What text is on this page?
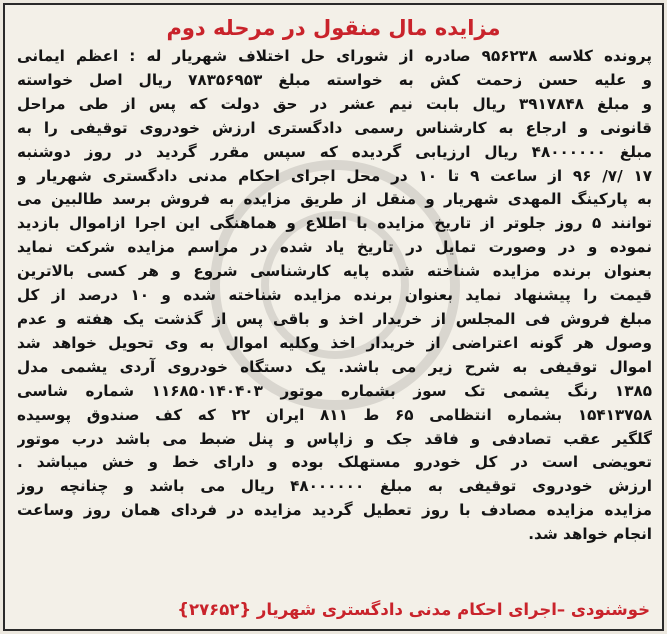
مزایده مال منقول در مرحله دوم
پرونده کلاسه ۹۵۶۲۳۸ صادره از شورای حل اختلاف شهریار له : اعظم ایمانی
و علیه حسن زحمت کش به خواسته مبلغ ۷۸۳۵۶۹۵۳ ریال اصل خواسته
و مبلغ ۳۹۱۷۸۴۸ ریال بابت نیم عشر در حق دولت که پس از طی مراحل
قانونی و ارجاع به کارشناس رسمی دادگستری ارزش خودروی توقیفی را به
مبلغ ۴۸۰۰۰۰۰۰ ریال ارزیابی گردیده که سپس مقرر گردید در روز دوشنبه
۱۷ /۷/ ۹۶ از ساعت ۹ تا ۱۰ در محل اجرای احکام مدنی دادگستری شهریار و
به پارکینگ المهدی شهریار و منقل از طریق مزایده به فروش برسد طالبین می
توانند ۵ روز جلوتر از تاریخ مزایده با اطلاع و هماهنگی این اجرا ازاموال بازدید
نموده و در وصورت تمایل در تاریخ یاد شده در مراسم مزایده شرکت نماید
بعنوان برنده مزایده شناخته شده پایه کارشناسی شروع و هر کسی بالاترین
قیمت را پیشنهاد نماید بعنوان برنده مزایده شناخته شده و ۱۰ درصد از کل
مبلغ فروش فی المجلس از خریدار اخذ و باقی پس از گذشت یک هفته و عدم
وصول هر گونه اعتراضی از خریدار اخذ وکلیه اموال به وی تحویل خواهد شد
اموال توقیفی به شرح زیر می باشد. یک دستگاه خودروی آردی یشمی مدل
۱۳۸۵ رنگ یشمی تک سوز بشماره موتور ۱۱۶۸۵۰۱۴۰۴۰۳ شماره شاسی
۱۵۴۱۳۷۵۸ بشماره انتظامی ۶۵ ط ۸۱۱ ایران ۲۲ که کف صندوق پوسیده
گلگیر عقب تصادفی و فاقد جک و زاپاس و پنل ضبط می باشد درب موتور
تعویضی است در کل خودرو مستهلک بوده و دارای خط و خش میباشد .
ارزش خودروی توقیفی به مبلغ ۴۸۰۰۰۰۰۰ ریال می باشد و چنانچه روز
مزایده مزایده مصادف با روز تعطیل گردید مزایده در فردای همان روز وساعت
انجام خواهد شد.
خوشنودی –اجرای احکام مدنی دادگستری شهریار {۲۷۶۵۲}
